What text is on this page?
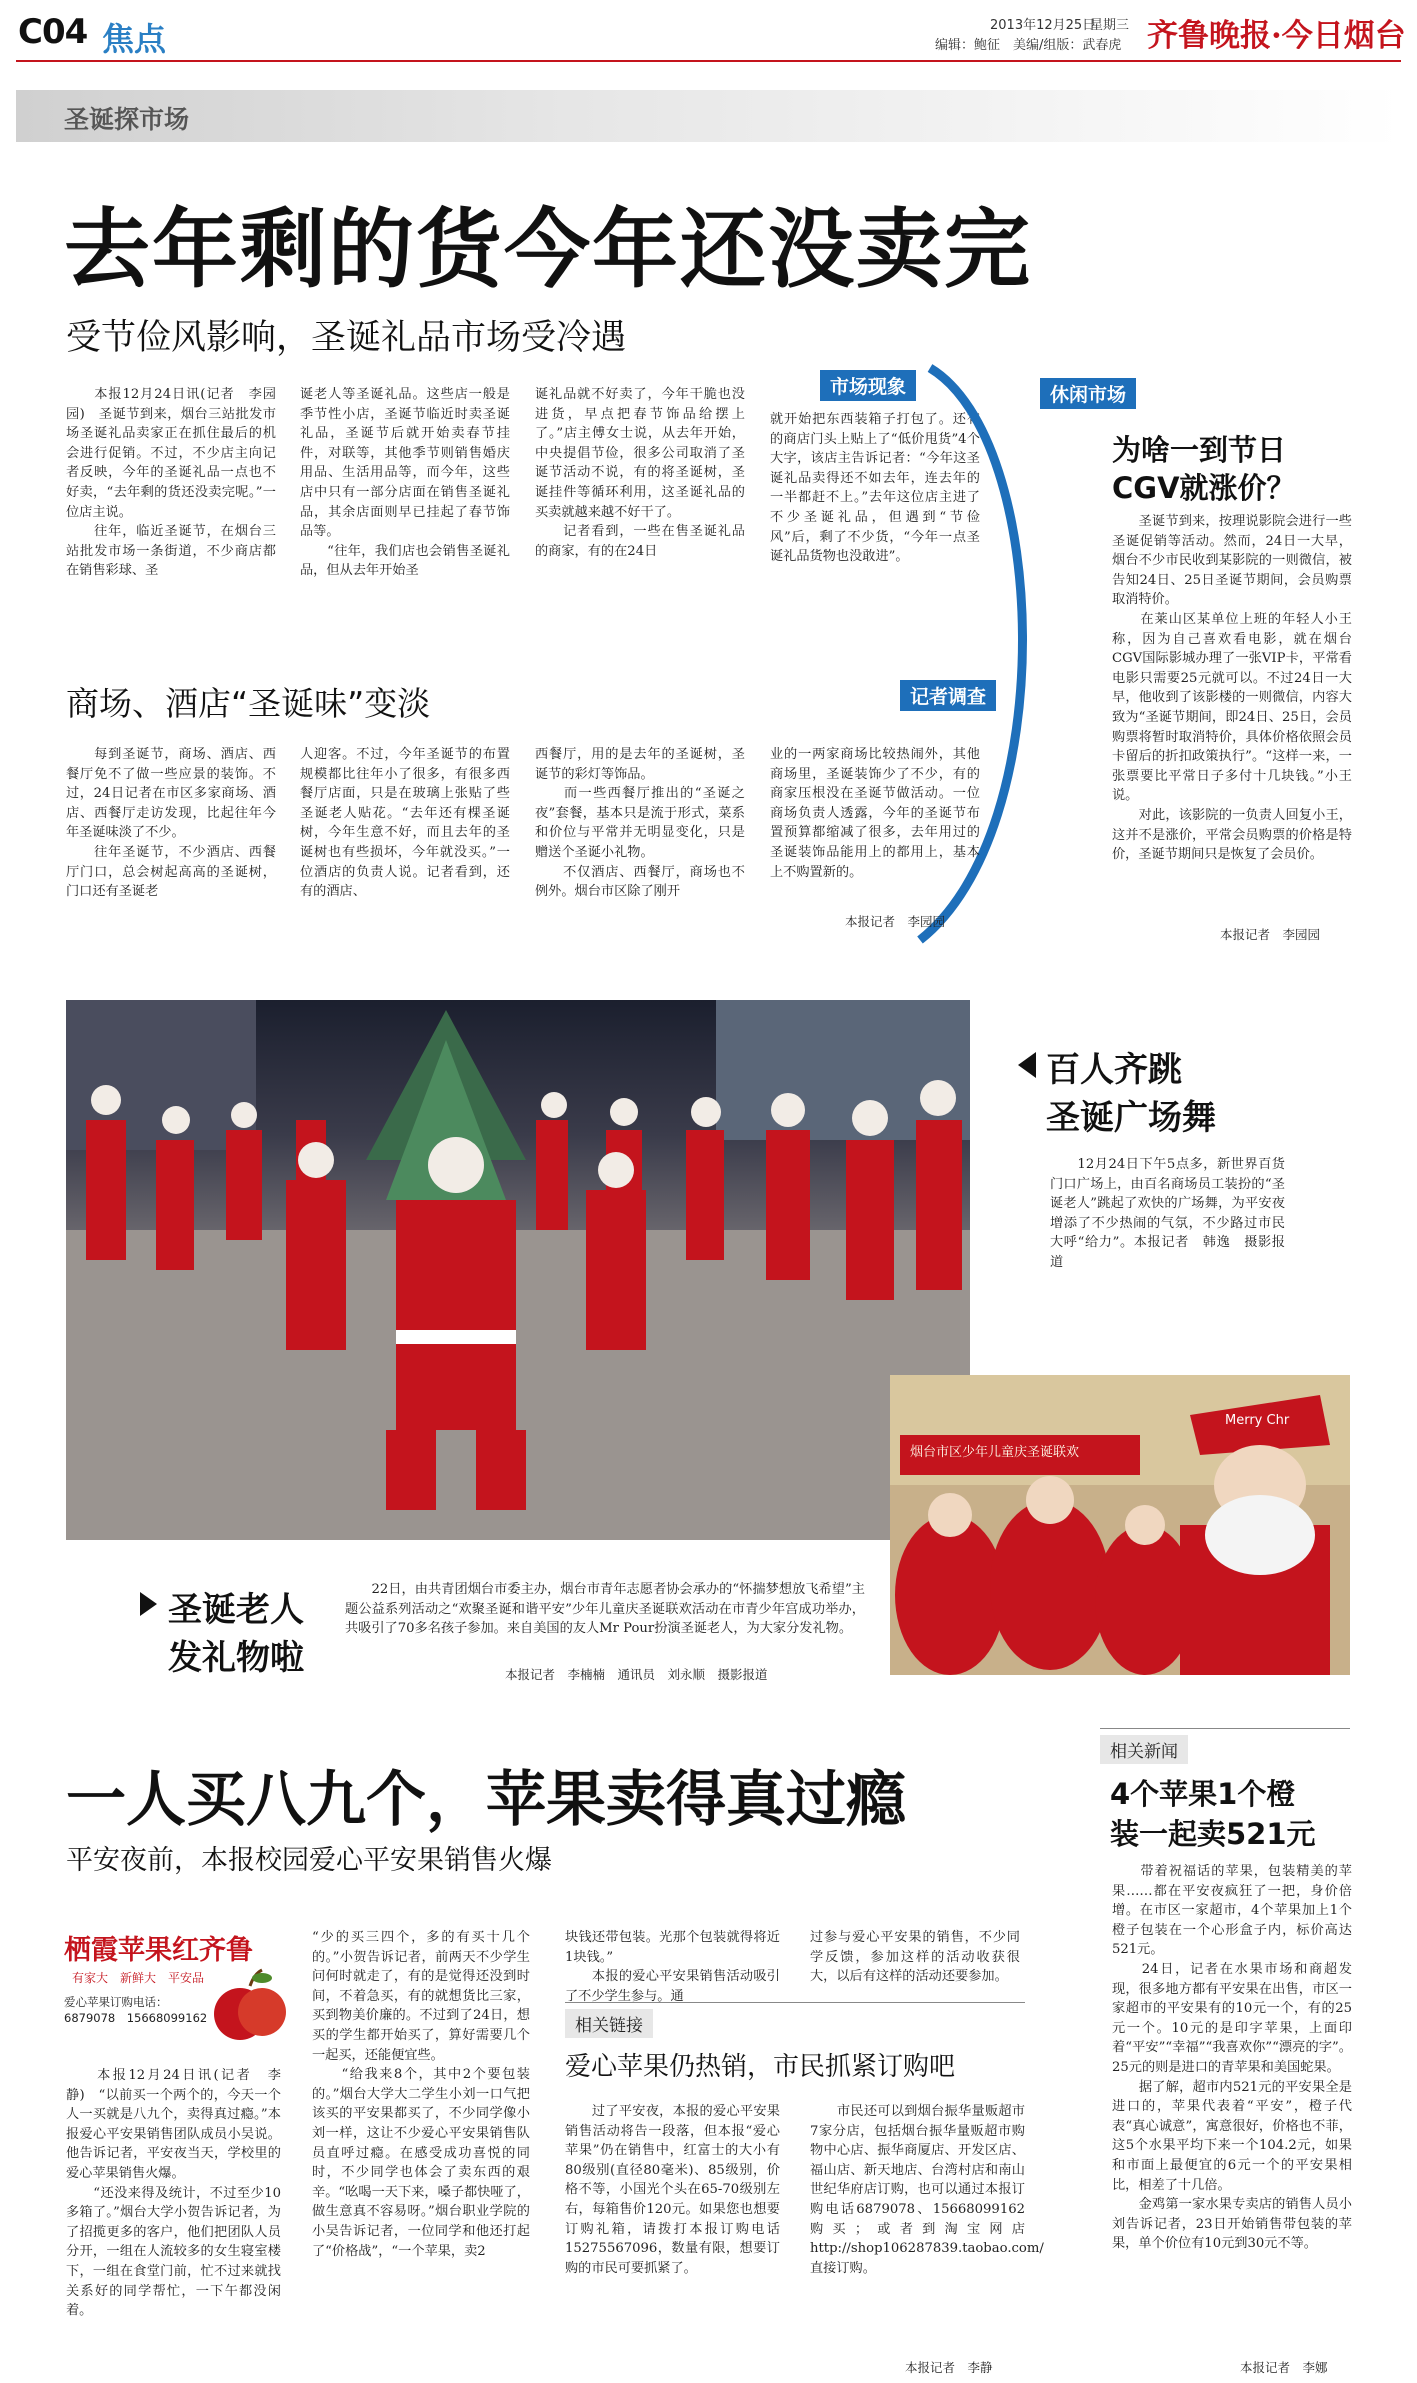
C04 焦点	2013年12月25日
星期三
编辑：鲍征　美编/组版：武春虎 齐鲁晚报·今日烟台
圣诞探市场
去年剩的货今年还没卖完
受节俭风影响，圣诞礼品市场受冷遇
　　本报12月24日讯(记者　李园园)　圣诞节到来，烟台三站批发市场圣诞礼品卖家正在抓住最后的机会进行促销。不过，不少店主向记者反映，今年的圣诞礼品一点也不好卖，“去年剩的货还没卖完呢。”一位店主说。
　　往年，临近圣诞节，在烟台三站批发市场一条街道，不少商店都在销售彩球、圣
诞老人等圣诞礼品。这些店一般是季节性小店，圣诞节临近时卖圣诞礼品，圣诞节后就开始卖春节挂件，对联等，其他季节则销售婚庆用品、生活用品等，而今年，这些店中只有一部分店面在销售圣诞礼品，其余店面则早已挂起了春节饰品等。
　　“往年，我们店也会销售圣诞礼品，但从去年开始圣
诞礼品就不好卖了，今年干脆也没进货，早点把春节饰品给摆上了。”店主傅女士说，从去年开始，中央提倡节俭，很多公司取消了圣诞节活动不说，有的将圣诞树，圣诞挂件等循环利用，这圣诞礼品的买卖就越来越不好干了。
　　记者看到，一些在售圣诞礼品的商家，有的在24日
就开始把东西装箱子打包了。还有的商店门头上贴上了“低价甩货”4个大字，该店主告诉记者：“今年这圣诞礼品卖得还不如去年，连去年的一半都赶不上。”去年这位店主进了不少圣诞礼品，但遇到“节俭风”后，剩了不少货，“今年一点圣诞礼品货物也没敢进”。
市场现象
记者调查
商场、酒店“圣诞味”变淡
　　每到圣诞节，商场、酒店、西餐厅免不了做一些应景的装饰。不过，24日记者在市区多家商场、酒店、西餐厅走访发现，比起往年今年圣诞味淡了不少。
　　往年圣诞节，不少酒店、西餐厅门口，总会树起高高的圣诞树，门口还有圣诞老
人迎客。不过，今年圣诞节的布置规模都比往年小了很多，有很多西餐厅店面，只是在玻璃上张贴了些圣诞老人贴花。“去年还有棵圣诞树，今年生意不好，而且去年的圣诞树也有些损坏，今年就没买。”一位酒店的负责人说。记者看到，还有的酒店、
西餐厅，用的是去年的圣诞树，圣诞节的彩灯等饰品。
　　而一些西餐厅推出的“圣诞之夜”套餐，基本只是流于形式，菜系和价位与平常并无明显变化，只是赠送个圣诞小礼物。
　　不仅酒店、西餐厅，商场也不例外。烟台市区除了刚开
业的一两家商场比较热闹外，其他商场里，圣诞装饰少了不少，有的商家压根没在圣诞节做活动。一位商场负责人透露，今年的圣诞节布置预算都缩减了很多，去年用过的圣诞装饰品能用上的都用上，基本上不购置新的。
本报记者　李园园
休闲市场
为啥一到节日
CGV就涨价？
　　圣诞节到来，按理说影院会进行一些圣诞促销等活动。然而，24日一大早，烟台不少市民收到某影院的一则微信，被告知24日、25日圣诞节期间，会员购票取消特价。
　　在莱山区某单位上班的年轻人小王称，因为自己喜欢看电影，就在烟台CGV国际影城办理了一张VIP卡，平常看电影只需要25元就可以。不过24日一大早，他收到了该影楼的一则微信，内容大致为“圣诞节期间，即24日、25日，会员购票将暂时取消特价，具体价格依照会员卡留后的折扣政策执行”。“这样一来，一张票要比平常日子多付十几块钱。”小王说。
　　对此，该影院的一负责人回复小王，这并不是涨价，平常会员购票的价格是特价，圣诞节期间只是恢复了会员价。
本报记者　李园园
百人齐跳
圣诞广场舞
　　12月24日下午5点多，新世界百货门口广场上，由百名商场员工装扮的“圣诞老人”跳起了欢快的广场舞，为平安夜增添了不少热闹的气氛，不少路过市民大呼“给力”。本报记者　韩逸　摄影报道
烟台市区少年儿童庆圣诞联欢
Merry Chr
圣诞老人
发礼物啦
　　22日，由共青团烟台市委主办，烟台市青年志愿者协会承办的“怀揣梦想放飞希望”主题公益系列活动之“欢聚圣诞和谐平安”少年儿童庆圣诞联欢活动在市青少年宫成功举办，共吸引了70多名孩子参加。来自美国的友人Mr Pour扮演圣诞老人，为大家分发礼物。
本报记者　李楠楠　通讯员　刘永顺　摄影报道
一人买八九个，苹果卖得真过瘾
平安夜前，本报校园爱心平安果销售火爆
栖霞苹果红齐鲁
　有家大　新鲜大　平安品
爱心苹果订购电话：
6879078　15668099162
　　本报12月24日讯(记者　李静)　“以前买一个两个的，今天一个人一买就是八九个，卖得真过瘾。”本报爱心平安果销售团队成员小吴说。他告诉记者，平安夜当天，学校里的爱心苹果销售火爆。
　　“还没来得及统计，不过至少10多箱了。”烟台大学小贺告诉记者，为了招揽更多的客户，他们把团队人员分开，一组在人流较多的女生寝室楼下，一组在食堂门前，忙不过来就找关系好的同学帮忙，一下午都没闲着。
“少的买三四个，多的有买十几个的。”小贺告诉记者，前两天不少学生问何时就走了，有的是觉得还没到时间，不着急买，有的就想货比三家，买到物美价廉的。不过到了24日，想买的学生都开始买了，算好需要几个一起买，还能便宜些。
　　“给我来8个，其中2个要包装的。”烟台大学大二学生小刘一口气把该买的平安果都买了，不少同学像小刘一样，这让不少爱心平安果销售队员直呼过瘾。在感受成功喜悦的同时，不少同学也体会了卖东西的艰辛。“吆喝一天下来，嗓子都快哑了，做生意真不容易呀。”烟台职业学院的小吴告诉记者，一位同学和他还打起了“价格战”，“一个苹果，卖2
块钱还带包装。光那个包装就得将近1块钱。”
　　本报的爱心平安果销售活动吸引了不少学生参与。通
过参与爱心平安果的销售，不少同学反馈，参加这样的活动收获很大，以后有这样的活动还要参加。
相关链接
爱心苹果仍热销，市民抓紧订购吧
　　过了平安夜，本报的爱心平安果销售活动将告一段落，但本报“爱心苹果”仍在销售中，红富士的大小有80级别(直径80毫米)、85级别，价格不等，小国光个头在65-70级别左右，每箱售价120元。如果您也想要订购礼箱，请拨打本报订购电话15275567096，数量有限，想要订购的市民可要抓紧了。
　　市民还可以到烟台振华量贩超市7家分店，包括烟台振华量贩超市购物中心店、振华商厦店、开发区店、福山店、新天地店、台湾村店和南山世纪华府店订购，也可以通过本报订购电话6879078、15668099162购买；或者到淘宝网店http://shop106287839.taobao.com/直接订购。
本报记者　李静
相关新闻
4个苹果1个橙
装一起卖521元
　　带着祝福话的苹果，包装精美的苹果……都在平安夜疯狂了一把，身价倍增。在市区一家超市，4个苹果加上1个橙子包装在一个心形盒子内，标价高达521元。
　　24日，记者在水果市场和商超发现，很多地方都有平安果在出售，市区一家超市的平安果有的10元一个，有的25元一个。10元的是印字苹果，上面印着“平安”“幸福”“我喜欢你”“漂亮的字”。25元的则是进口的青苹果和美国蛇果。
　　据了解，超市内521元的平安果全是进口的，苹果代表着“平安”，橙子代表“真心诚意”，寓意很好，价格也不菲，这5个水果平均下来一个104.2元，如果和市面上最便宜的6元一个的平安果相比，相差了十几倍。
　　金鸡第一家水果专卖店的销售人员小刘告诉记者，23日开始销售带包装的苹果，单个价位有10元到30元不等。
本报记者　李娜
